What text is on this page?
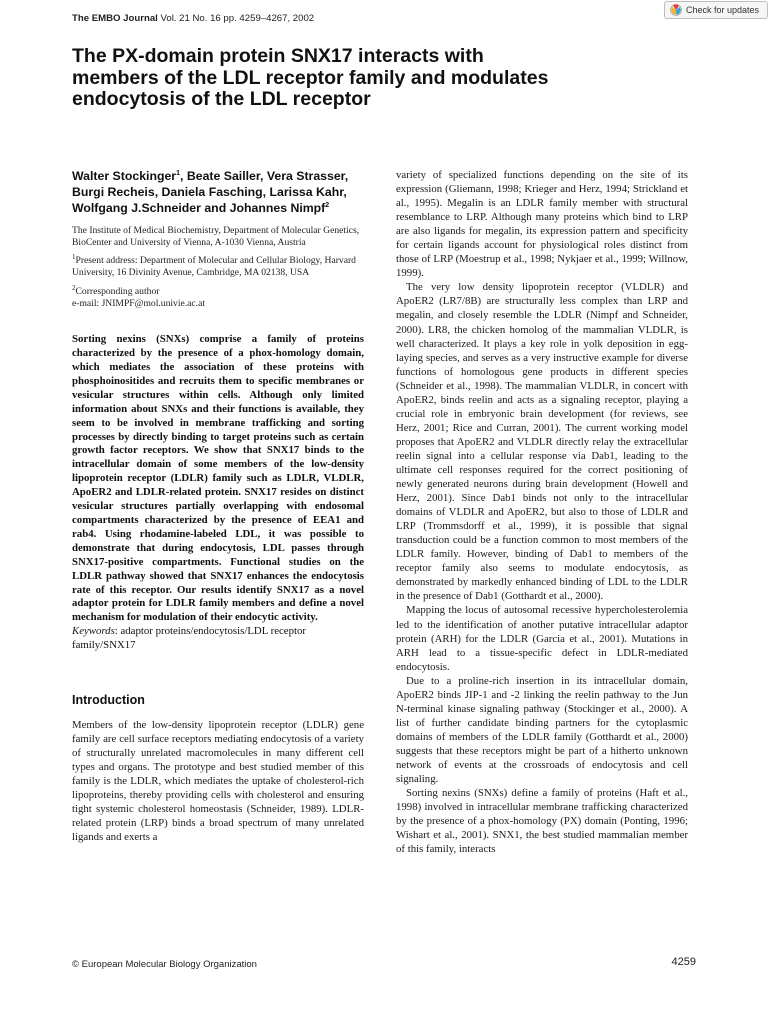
The EMBO Journal Vol. 21 No. 16 pp. 4259–4267, 2002
Check for updates
The PX-domain protein SNX17 interacts with members of the LDL receptor family and modulates endocytosis of the LDL receptor
Walter Stockinger$^1$, Beate Sailler, Vera Strasser, Burgi Recheis, Daniela Fasching, Larissa Kahr, Wolfgang J.Schneider and Johannes Nimpf$^2$
The Institute of Medical Biochemistry, Department of Molecular Genetics, BioCenter and University of Vienna, A-1030 Vienna, Austria
$^1$Present address: Department of Molecular and Cellular Biology, Harvard University, 16 Divinity Avenue, Cambridge, MA 02138, USA
$^2$Corresponding author
e-mail: JNIMPF@mol.univie.ac.at
Sorting nexins (SNXs) comprise a family of proteins characterized by the presence of a phox-homology domain, which mediates the association of these proteins with phosphoinositides and recruits them to specific membranes or vesicular structures within cells. Although only limited information about SNXs and their functions is available, they seem to be involved in membrane trafficking and sorting processes by directly binding to target proteins such as certain growth factor receptors. We show that SNX17 binds to the intracellular domain of some members of the low-density lipoprotein receptor (LDLR) family such as LDLR, VLDLR, ApoER2 and LDLR-related protein. SNX17 resides on distinct vesicular structures partially overlapping with endosomal compartments characterized by the presence of EEA1 and rab4. Using rhodamine-labeled LDL, it was possible to demonstrate that during endocytosis, LDL passes through SNX17-positive compartments. Functional studies on the LDLR pathway showed that SNX17 enhances the endocytosis rate of this receptor. Our results identify SNX17 as a novel adaptor protein for LDLR family members and define a novel mechanism for modulation of their endocytic activity.
Keywords: adaptor proteins/endocytosis/LDL receptor family/SNX17
Introduction
Members of the low-density lipoprotein receptor (LDLR) gene family are cell surface receptors mediating endocytosis of a variety of structurally unrelated macromolecules in many different cell types and organs. The prototype and best studied member of this family is the LDLR, which mediates the uptake of cholesterol-rich lipoproteins, thereby providing cells with cholesterol and ensuring tight systemic cholesterol homeostasis (Schneider, 1989). LDLR-related protein (LRP) binds a broad spectrum of many unrelated ligands and exerts a
variety of specialized functions depending on the site of its expression (Gliemann, 1998; Krieger and Herz, 1994; Strickland et al., 1995). Megalin is an LDLR family member with structural resemblance to LRP. Although many proteins which bind to LRP are also ligands for megalin, its expression pattern and specificity for certain ligands account for physiological roles distinct from those of LRP (Moestrup et al., 1998; Nykjaer et al., 1999; Willnow, 1999).
The very low density lipoprotein receptor (VLDLR) and ApoER2 (LR7/8B) are structurally less complex than LRP and megalin, and closely resemble the LDLR (Nimpf and Schneider, 2000). LR8, the chicken homolog of the mammalian VLDLR, is well characterized. It plays a key role in yolk deposition in egg-laying species, and serves as a very instructive example for diverse functions of homologous gene products in different species (Schneider et al., 1998). The mammalian VLDLR, in concert with ApoER2, binds reelin and acts as a signaling receptor, playing a crucial role in embryonic brain development (for reviews, see Herz, 2001; Rice and Curran, 2001). The current working model proposes that ApoER2 and VLDLR directly relay the extracellular reelin signal into a cellular response via Dab1, leading to the ultimate cell responses required for the correct positioning of newly generated neurons during brain development (Howell and Herz, 2001). Since Dab1 binds not only to the intracellular domains of VLDLR and ApoER2, but also to those of LDLR and LRP (Trommsdorff et al., 1999), it is possible that signal transduction could be a function common to most members of the LDLR family. However, binding of Dab1 to members of the receptor family also seems to modulate endocytosis, as demonstrated by markedly enhanced binding of LDL to the LDLR in the presence of Dab1 (Gotthardt et al., 2000).
Mapping the locus of autosomal recessive hypercholesterolemia led to the identification of another putative intracellular adaptor protein (ARH) for the LDLR (Garcia et al., 2001). Mutations in ARH lead to a tissue-specific defect in LDLR-mediated endocytosis.
Due to a proline-rich insertion in its intracellular domain, ApoER2 binds JIP-1 and -2 linking the reelin pathway to the Jun N-terminal kinase signaling pathway (Stockinger et al., 2000). A list of further candidate binding partners for the cytoplasmic domains of members of the LDLR family (Gotthardt et al., 2000) suggests that these receptors might be part of a hitherto unknown network of events at the crossroads of endocytosis and cell signaling.
Sorting nexins (SNXs) define a family of proteins (Haft et al., 1998) involved in intracellular membrane trafficking characterized by the presence of a phox-homology (PX) domain (Ponting, 1996; Wishart et al., 2001). SNX1, the best studied mammalian member of this family, interacts
© European Molecular Biology Organization	4259
